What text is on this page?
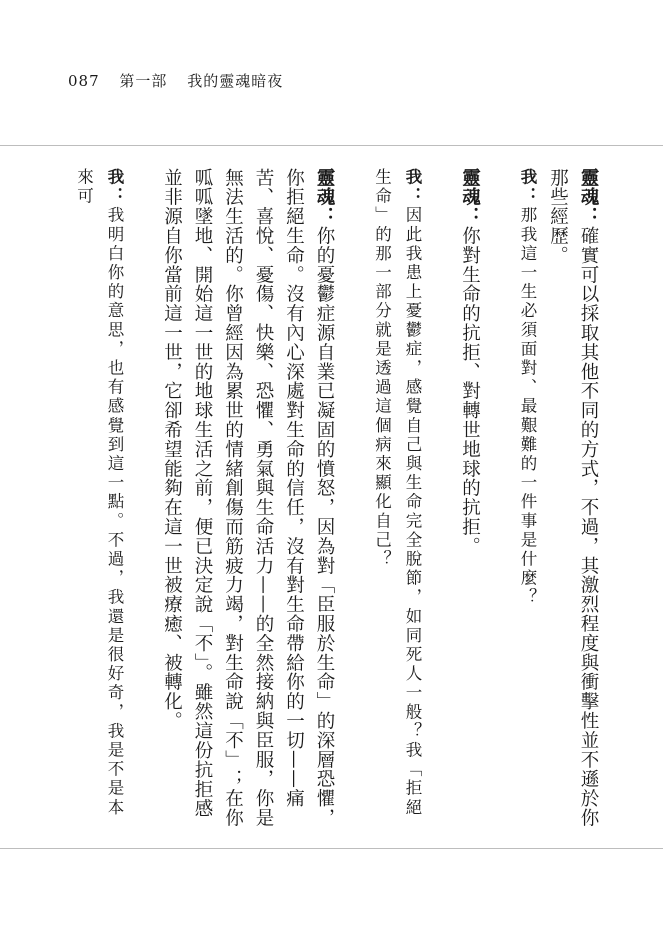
087 第一部 我的靈魂暗夜

靈魂：確實可以採取其他不同的方式，不過，其激烈程度與衝擊性並不遜於你那些經歷。

我：那我這一生必須面對、最艱難的一件事是什麼？

靈魂：你對生命的抗拒、對轉世地球的抗拒。

我：因此我患上憂鬱症，感覺自己與生命完全脫節，如同死人一般？我「拒絕生命」的那一部分就是透過這個病來顯化自己？

靈魂：你的憂鬱症源自業已凝固的憤怒，因為對「臣服於生命」的深層恐懼，你拒絕生命。沒有內心深處對生命的信任，沒有對生命帶給你的一切——痛苦、喜悅、憂傷、快樂、恐懼、勇氣與生命活力——的全然接納與臣服，你是無法生活的。你曾經因為累世的情緒創傷而筋疲力竭，對生命說「不」；在你呱呱墜地、開始這一世的地球生活之前，便已決定說「不」。雖然這份抗拒感並非源自你當前這一世，它卻希望能夠在這一世被療癒、被轉化。

我：我明白你的意思，也有感覺到這一點。不過，我還是很好奇，我是不是本來可
